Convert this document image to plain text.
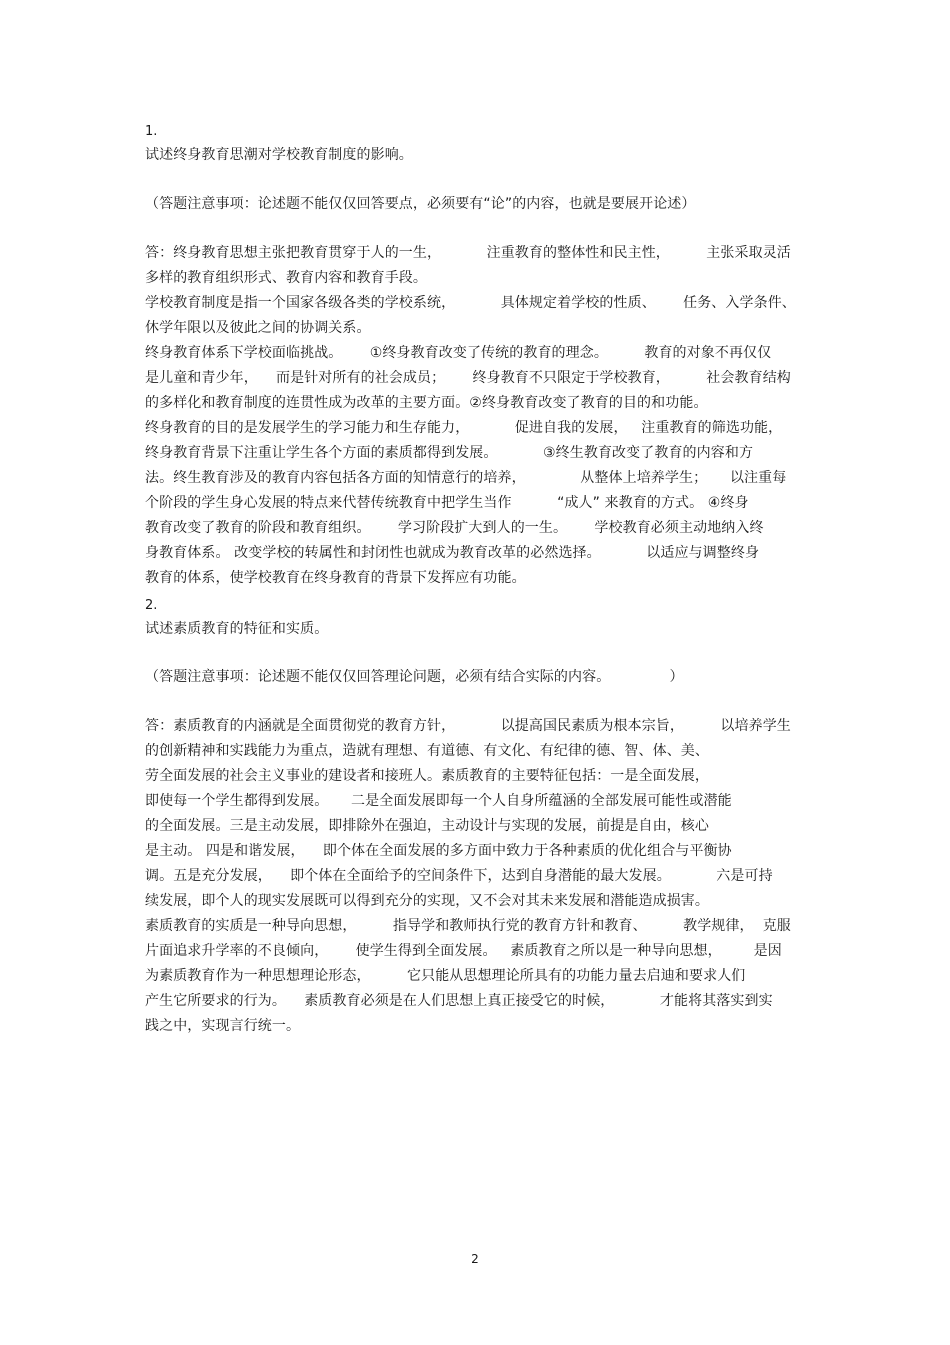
1.
试述终身教育思潮对学校教育制度的影响。
（答题注意事项：论述题不能仅仅回答要点，必须要有“论”的内容，也就是要展开论述）
答：终身教育思想主张把教育贯穿于人的一生，          注重教育的整体性和民主性，        主张采取灵活
多样的教育组织形式、教育内容和教育手段。
学校教育制度是指一个国家各级各类的学校系统，          具体规定着学校的性质、      任务、入学条件、
休学年限以及彼此之间的协调关系。
终身教育体系下学校面临挑战。      ①终身教育改变了传统的教育的理念。        教育的对象不再仅仅
是儿童和青少年，    而是针对所有的社会成员；      终身教育不只限定于学校教育，        社会教育结构
的多样化和教育制度的连贯性成为改革的主要方面。②终身教育改变了教育的目的和功能。
终身教育的目的是发展学生的学习能力和生存能力，          促进自我的发展，   注重教育的筛选功能，
终身教育背景下注重让学生各个方面的素质都得到发展。          ③终生教育改变了教育的内容和方
法。终生教育涉及的教育内容包括各方面的知情意行的培养，            从整体上培养学生；     以注重每
个阶段的学生身心发展的特点来代替传统教育中把学生当作          “成人” 来教育的方式。 ④终身
教育改变了教育的阶段和教育组织。      学习阶段扩大到人的一生。      学校教育必须主动地纳入终
身教育体系。 改变学校的转属性和封闭性也就成为教育改革的必然选择。          以适应与调整终身
教育的体系，使学校教育在终身教育的背景下发挥应有功能。
2.
试述素质教育的特征和实质。
（答题注意事项：论述题不能仅仅回答理论问题，必须有结合实际的内容。             ）
答：素质教育的内涵就是全面贯彻党的教育方针，          以提高国民素质为根本宗旨，        以培养学生
的创新精神和实践能力为重点，造就有理想、有道德、有文化、有纪律的德、智、体、美、
劳全面发展的社会主义事业的建设者和接班人。素质教育的主要特征包括：一是全面发展，
即使每一个学生都得到发展。     二是全面发展即每一个人自身所蕴涵的全部发展可能性或潜能
的全面发展。三是主动发展，即排除外在强迫，主动设计与实现的发展，前提是自由，核心
是主动。 四是和谐发展，    即个体在全面发展的多方面中致力于各种素质的优化组合与平衡协
调。五是充分发展，    即个体在全面给予的空间条件下，达到自身潜能的最大发展。          六是可持
续发展，即个人的现实发展既可以得到充分的实现，又不会对其未来发展和潜能造成损害。
素质教育的实质是一种导向思想，        指导学和教师执行党的教育方针和教育、        教学规律，  克服
片面追求升学率的不良倾向，      使学生得到全面发展。   素质教育之所以是一种导向思想，       是因
为素质教育作为一种思想理论形态，        它只能从思想理论所具有的功能力量去启迪和要求人们
产生它所要求的行为。    素质教育必须是在人们思想上真正接受它的时候，          才能将其落实到实
践之中，实现言行统一。
2
